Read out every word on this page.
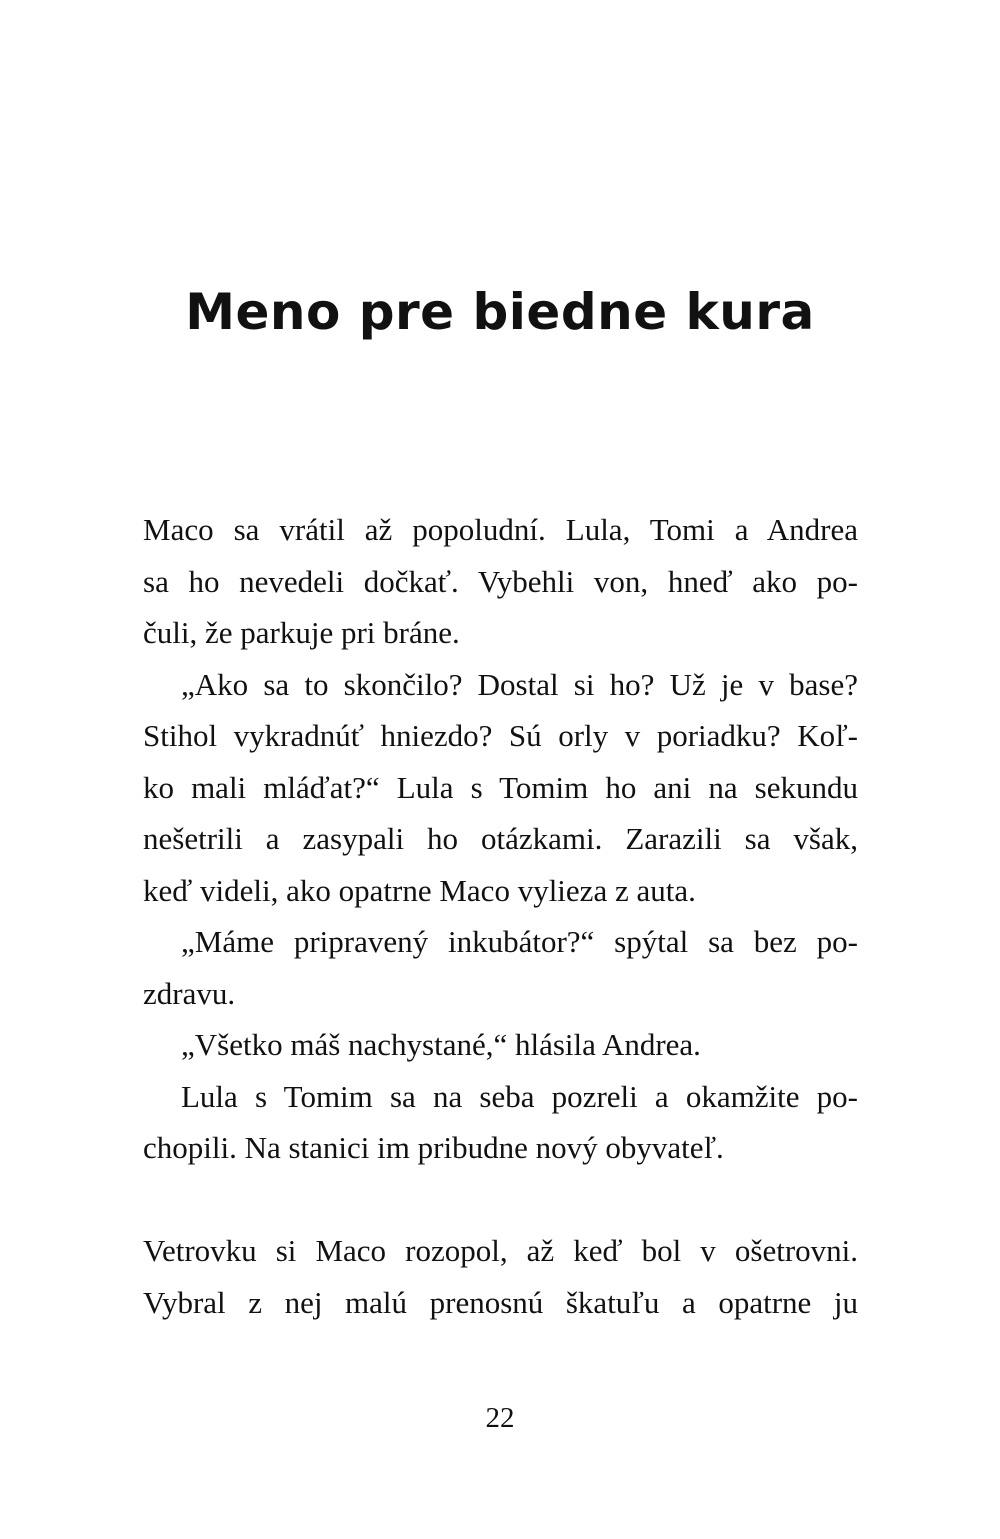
Meno pre biedne kura
Maco sa vrátil až popoludní. Lula, Tomi a Andrea
sa ho nevedeli dočkať. Vybehli von, hneď ako po-
čuli, že parkuje pri bráne.
„Ako sa to skončilo? Dostal si ho? Už je v base?
Stihol vykradnúť hniezdo? Sú orly v poriadku? Koľ-
ko mali mláďat?“ Lula s Tomim ho ani na sekundu
nešetrili a zasypali ho otázkami. Zarazili sa však,
keď videli, ako opatrne Maco vylieza z auta.
„Máme pripravený inkubátor?“ spýtal sa bez po-
zdravu.
„Všetko máš nachystané,“ hlásila Andrea.
Lula s Tomim sa na seba pozreli a okamžite po-
chopili. Na stanici im pribudne nový obyvateľ.
Vetrovku si Maco rozopol, až keď bol v ošetrovni.
Vybral z nej malú prenosnú škatuľu a opatrne ju
22
